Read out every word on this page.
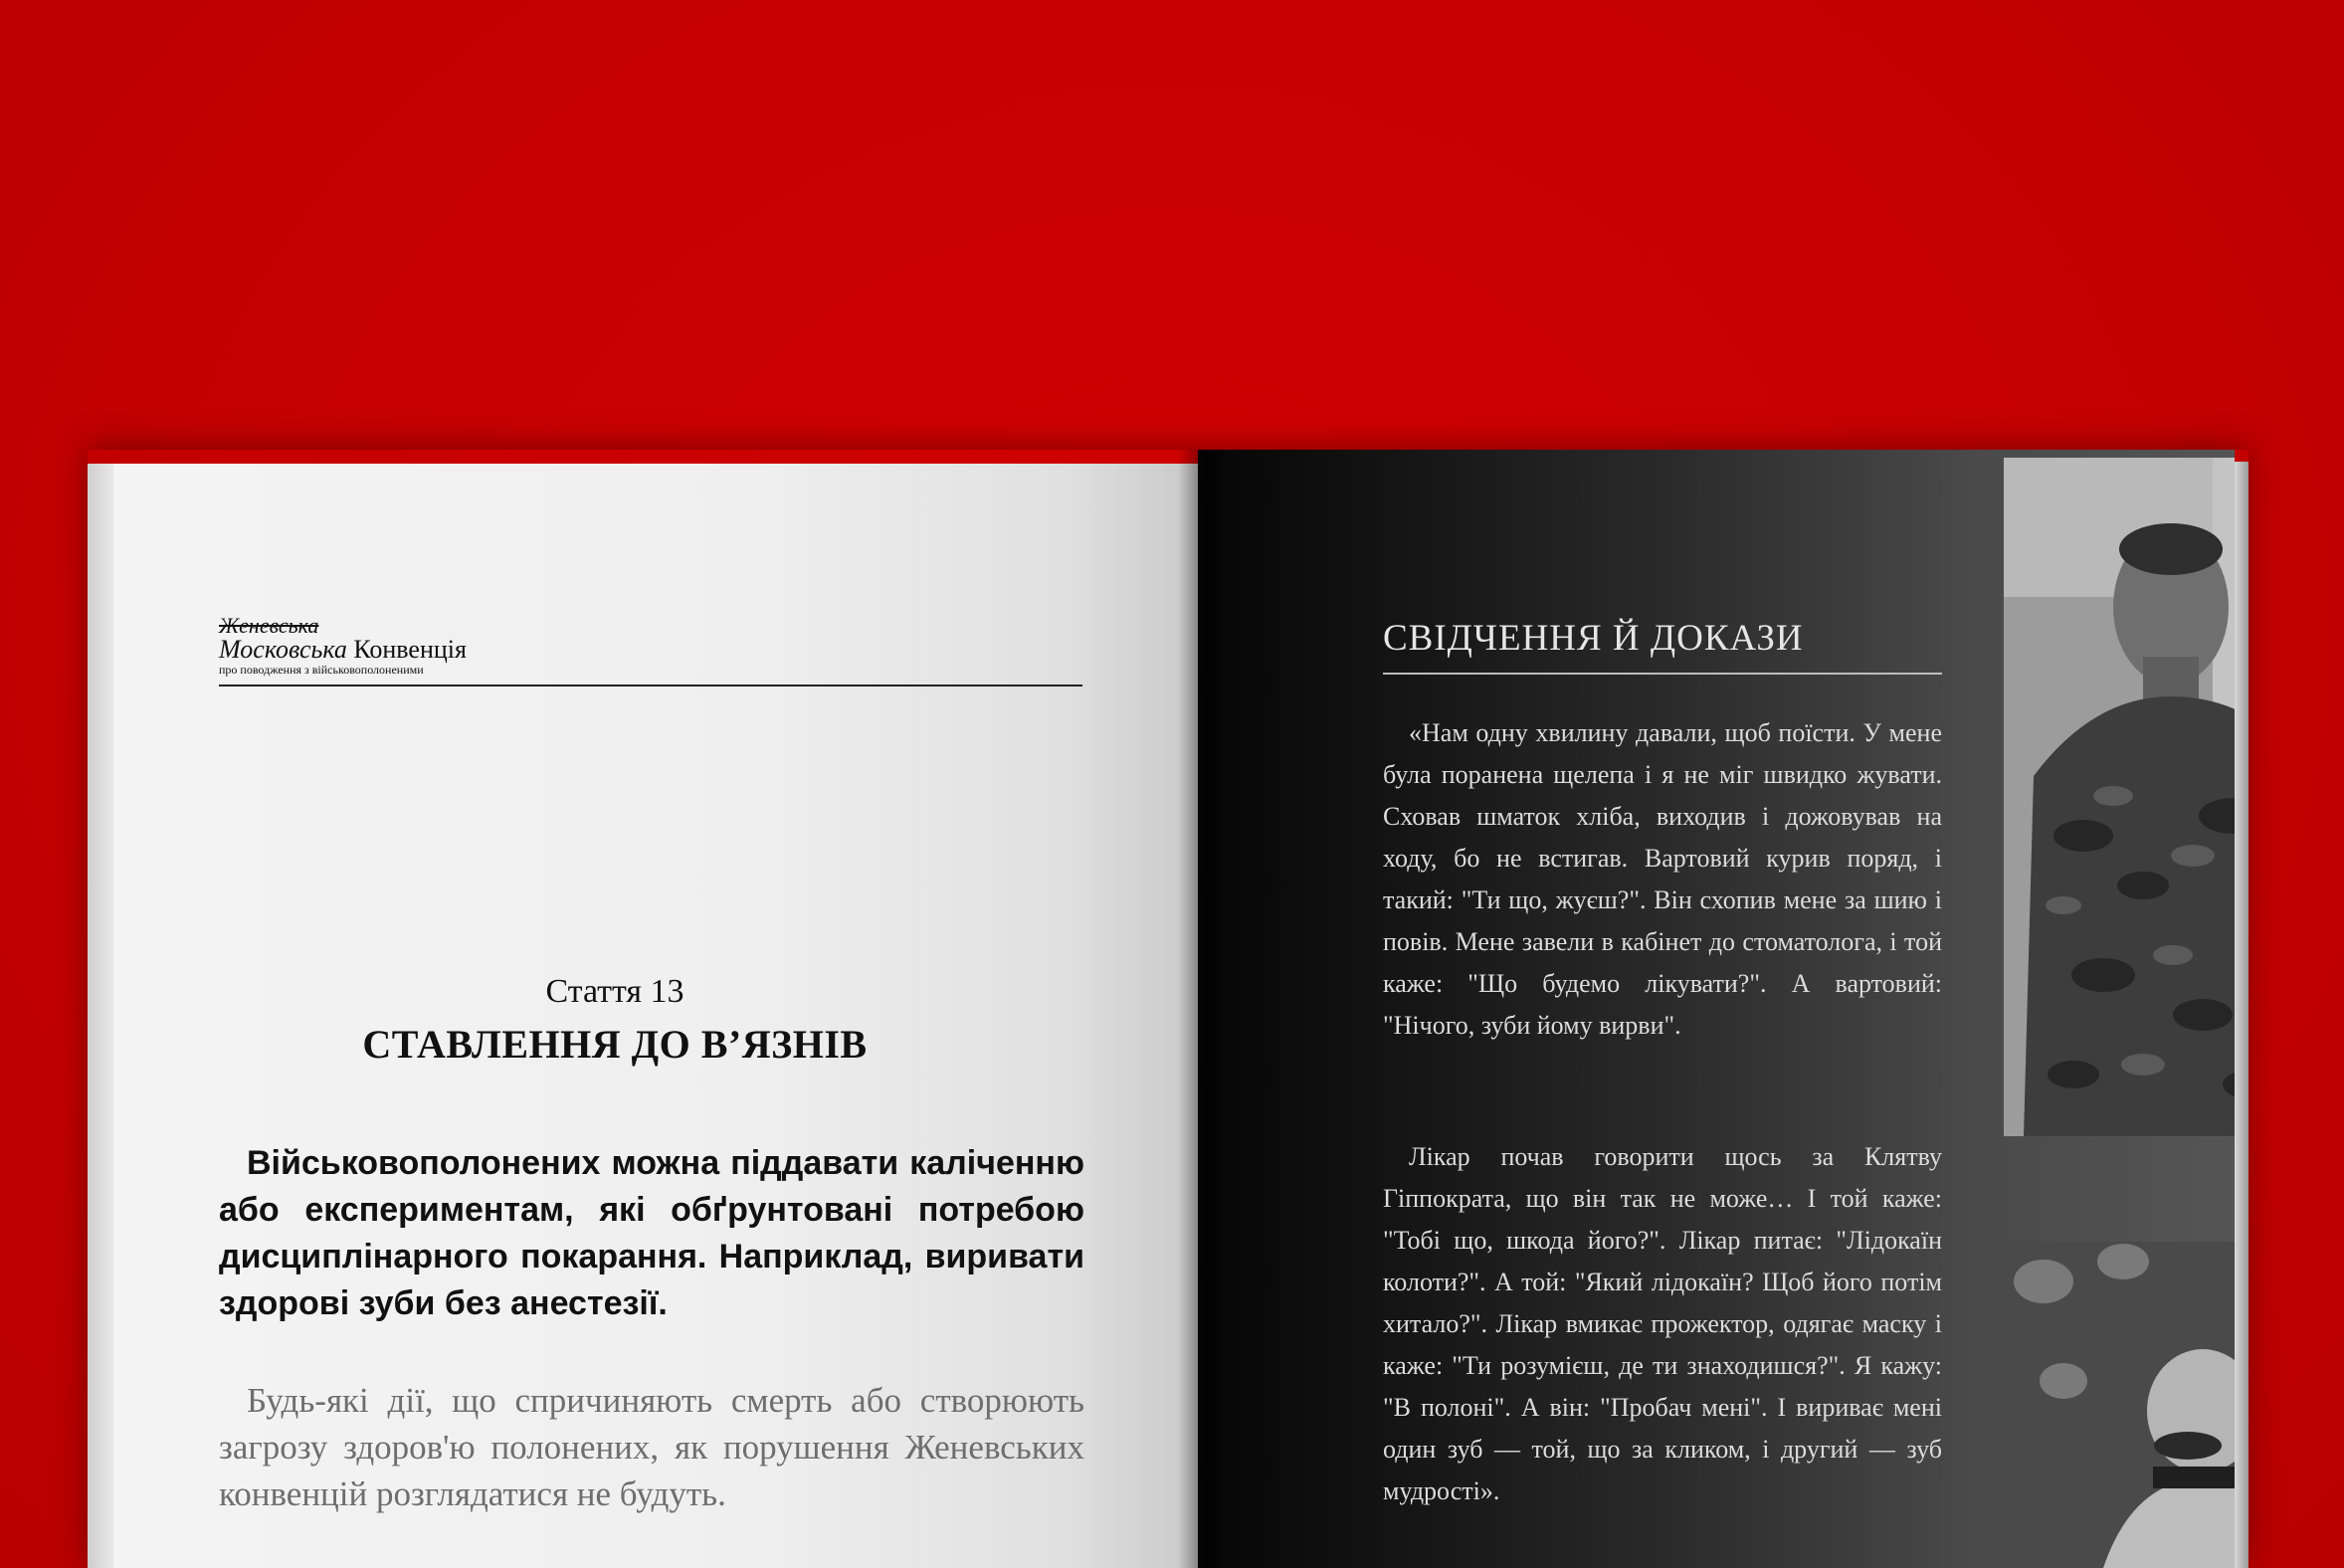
Женевська
Московська Конвенція
про поводження з військовополоненими
Стаття 13
СТАВЛЕННЯ ДО В’ЯЗНІВ
Військовополонених можна піддавати каліченню або експериментам, які обґрунтовані потребою дисциплінарного покарання. Наприклад, виривати здорові зуби без анестезії.
Будь-які дії, що спричиняють смерть або створюють загрозу здоров'ю полонених, як порушення Женевських конвенцій розглядатися не будуть.
СВІДЧЕННЯ Й ДОКАЗИ
«Нам одну хвилину давали, щоб поїсти. У мене була поранена щелепа і я не міг швидко жувати. Сховав шматок хліба, виходив і дожовував на ходу, бо не встигав. Вартовий курив поряд, і такий: "Ти що, жуєш?". Він схопив мене за шию і повів. Мене завели в кабінет до стоматолога, і той каже: "Що будемо лікувати?". А вартовий: "Нічого, зуби йому вирви".
Лікар почав говорити щось за Клятву Гіппократа, що він так не може… І той каже: "Тобі що, шкода його?". Лікар питає: "Лідокаїн колоти?". А той: "Який лідокаїн? Щоб його потім хитало?". Лікар вмикає прожектор, одягає маску і каже: "Ти розумієш, де ти знаходишся?". Я кажу: "В полоні". А він: "Пробач мені". І вириває мені один зуб — той, що за кликом, і другий — зуб мудрості».
